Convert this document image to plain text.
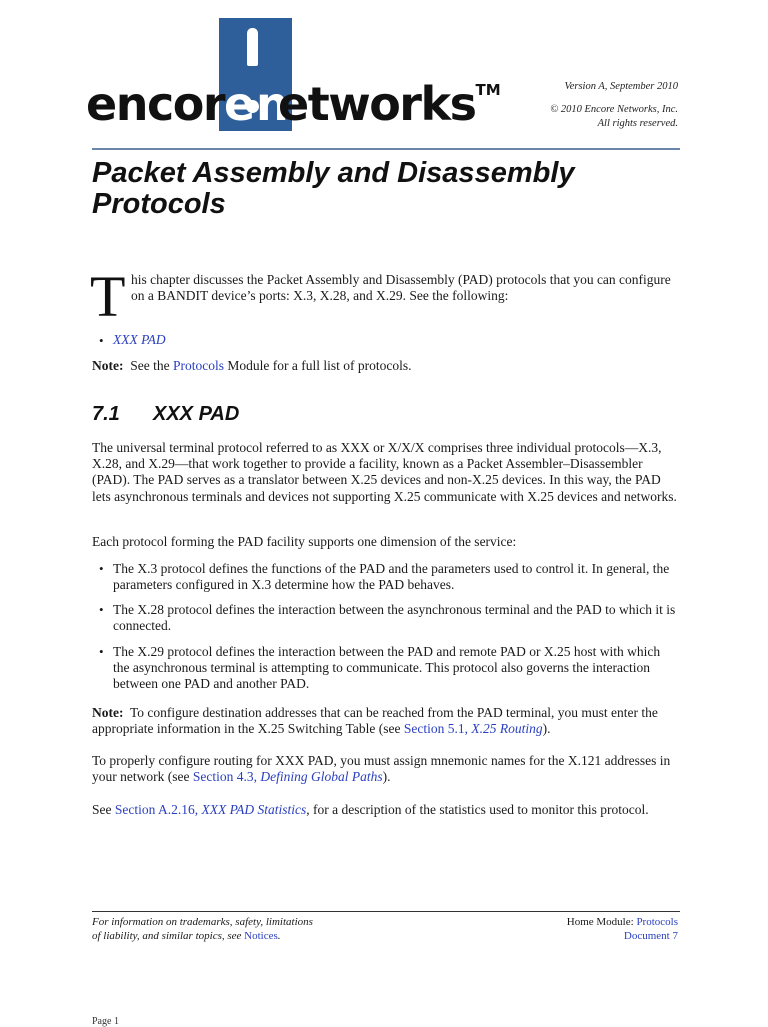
encorenetworks™	Version A, September 2010
© 2010 Encore Networks, Inc.
All rights reserved.
Packet Assembly and Disassembly Protocols
T his chapter discusses the Packet Assembly and Disassembly (PAD) protocols that you can configure on a BANDIT device’s ports: X.3, X.28, and X.29. See the following:
• XXX PAD
Note: See the Protocols Module for a full list of protocols.
7.1 XXX PAD
The universal terminal protocol referred to as XXX or X/X/X comprises three individual protocols—X.3, X.28, and X.29—that work together to provide a facility, known as a Packet Assembler–Disassembler (PAD). The PAD serves as a translator between X.25 devices and non-X.25 devices. In this way, the PAD lets asynchronous terminals and devices not supporting X.25 communicate with X.25 devices and networks.
Each protocol forming the PAD facility supports one dimension of the service:
• The X.3 protocol defines the functions of the PAD and the parameters used to control it. In general, the parameters configured in X.3 determine how the PAD behaves.
• The X.28 protocol defines the interaction between the asynchronous terminal and the PAD to which it is connected.
• The X.29 protocol defines the interaction between the PAD and remote PAD or X.25 host with which the asynchronous terminal is attempting to communicate. This protocol also governs the interaction between one PAD and another PAD.
Note: To configure destination addresses that can be reached from the PAD terminal, you must enter the appropriate information in the X.25 Switching Table (see Section 5.1, X.25 Routing).
To properly configure routing for XXX PAD, you must assign mnemonic names for the X.121 addresses in your network (see Section 4.3, Defining Global Paths).
See Section A.2.16, XXX PAD Statistics, for a description of the statistics used to monitor this protocol.
For information on trademarks, safety, limitations
of liability, and similar topics, see Notices.
Home Module: Protocols
Document 7
Page 1
